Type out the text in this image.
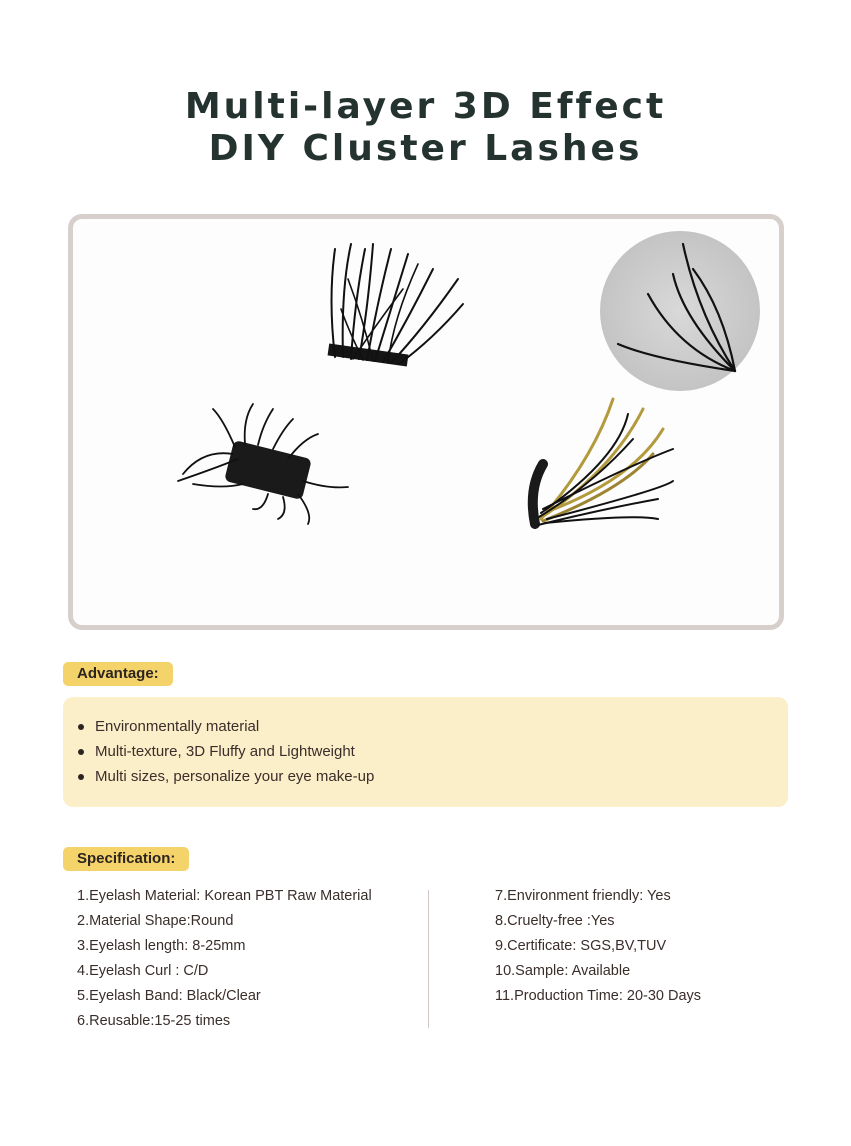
Multi-layer 3D Effect
DIY Cluster Lashes
Advantage:
Environmentally material
Multi-texture, 3D Fluffy and Lightweight
Multi sizes, personalize your eye make-up
Specification:
1.Eyelash Material: Korean PBT Raw Material
2.Material Shape:Round
3.Eyelash length: 8-25mm
4.Eyelash Curl : C/D
5.Eyelash Band: Black/Clear
6.Reusable:15-25 times
7.Environment friendly: Yes
8.Cruelty-free :Yes
9.Certificate: SGS,BV,TUV
10.Sample: Available
11.Production Time: 20-30 Days
